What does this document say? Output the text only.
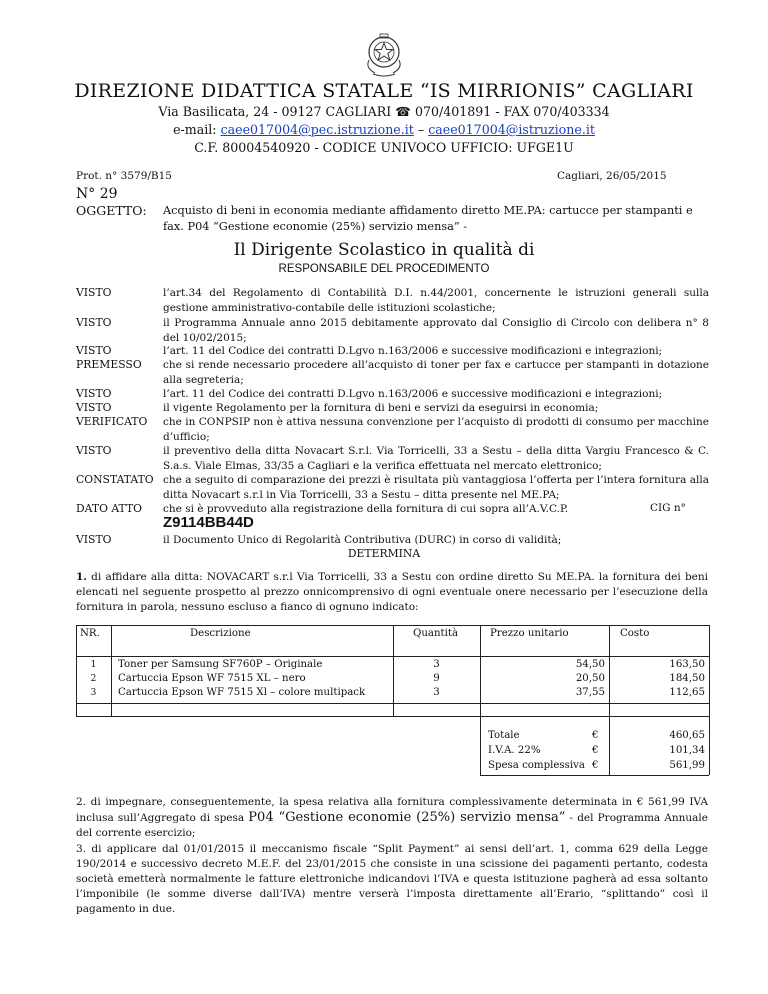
DIREZIONE DIDATTICA STATALE “IS MIRRIONIS” CAGLIARI
Via Basilicata, 24 - 09127 CAGLIARI ☎ 070/401891 - FAX 070/403334
e-mail: caee017004@pec.istruzione.it – caee017004@istruzione.it
C.F. 80004540920 - CODICE UNIVOCO UFFICIO: UFGE1U
Prot. n° 3579/B15	Cagliari, 26/05/2015
N° 29
OGGETTO: Acquisto di beni in economia mediante affidamento diretto ME.PA: cartucce per stampanti e fax. P04 “Gestione economie (25%) servizio mensa” -
Il Dirigente Scolastico in qualità di
RESPONSABILE DEL PROCEDIMENTO
VISTO	l’art.34 del Regolamento di Contabilità D.I. n.44/2001, concernente le istruzioni generali sulla gestione amministrativo-contabile delle istituzioni scolastiche;
VISTO	il Programma Annuale anno 2015 debitamente approvato dal Consiglio di Circolo con delibera n° 8 del 10/02/2015;
VISTO	l’art. 11 del Codice dei contratti D.Lgvo n.163/2006 e successive modificazioni e integrazioni;
PREMESSO che si rende necessario procedere all’acquisto di toner per fax e cartucce per stampanti in dotazione alla segreteria;
VISTO	l’art. 11 del Codice dei contratti D.Lgvo n.163/2006 e successive modificazioni e integrazioni;
VISTO	il vigente Regolamento per la fornitura di beni e servizi da eseguirsi in economia;
VERIFICATO che in CONPSIP non è attiva nessuna convenzione per l’acquisto di prodotti di consumo per macchine d’ufficio;
VISTO	il preventivo della ditta Novacart S.r.l. Via Torricelli, 33 a Sestu – della ditta Vargiu Francesco & C. S.a.s. Viale Elmas, 33/35 a Cagliari e la verifica effettuata nel mercato elettronico;
CONSTATATO che a seguito di comparazione dei prezzi è risultata più vantaggiosa l’offerta per l’intera fornitura alla ditta Novacart s.r.l in Via Torricelli, 33 a Sestu – ditta presente nel ME.PA;
DATO ATTO che si è provveduto alla registrazione della fornitura di cui sopra all’A.V.C.P.	CIG n°
Z9114BB44D
VISTO	il Documento Unico di Regolarità Contributiva (DURC) in corso di validità;
DETERMINA
1. di affidare alla ditta: NOVACART s.r.l Via Torricelli, 33 a Sestu con ordine diretto Su ME.PA. la fornitura dei beni elencati nel seguente prospetto al prezzo onnicomprensivo di ogni eventuale onere necessario per l’esecuzione della fornitura in parola, nessuno escluso a fianco di ognuno indicato:
NR.	Descrizione	Quantità	Prezzo unitario	Costo
1	Toner per Samsung SF760P – Originale	3	54,50	163,50
2	Cartuccia Epson WF 7515 XL – nero	9	20,50	184,50
3	Cartuccia Epson WF 7515 Xl – colore multipack	3	37,55	112,65
Totale	€	460,65
I.V.A. 22%	€	101,34
Spesa complessiva €	561,99
2. di impegnare, conseguentemente, la spesa relativa alla fornitura complessivamente determinata in € 561,99 IVA inclusa sull’Aggregato di spesa P04 “Gestione economie (25%) servizio mensa” - del Programma Annuale del corrente esercizio;
3. di applicare dal 01/01/2015 il meccanismo fiscale “Split Payment” ai sensi dell’art. 1, comma 629 della Legge 190/2014 e successivo decreto M.E.F. del 23/01/2015 che consiste in una scissione dei pagamenti pertanto, codesta società emetterà normalmente le fatture elettroniche indicandovi l’IVA e questa istituzione pagherà ad essa soltanto l’imponibile (le somme diverse dall’IVA) mentre verserà l’imposta direttamente all’Erario, “splittando” così il pagamento in due.
